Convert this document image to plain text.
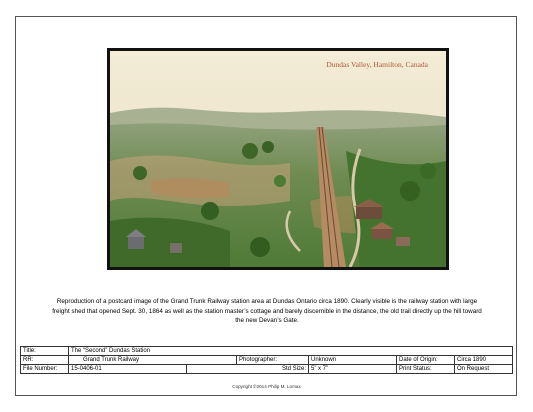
Dundas Valley, Hamilton, Canada
Reproduction of a postcard image of the Grand Trunk Railway station area at Dundas Ontario circa 1890. Clearly visible is the railway station with large freight shed that opened Sept. 30, 1864 as well as the station master’s cottage and barely discernible in the distance, the old trail directly up the hill toward the new Devan’s Gate.
Title:	The “Second” Dundas Station					
RR:	Grand Trunk Railway		Photographer:	Unknown	Date of Origin:	Circa 1890
File Number:	15-0406-01	Std Size:		5” x 7”	Print Status:	On Request
Copyright ©2014 Philip M. Lomax
